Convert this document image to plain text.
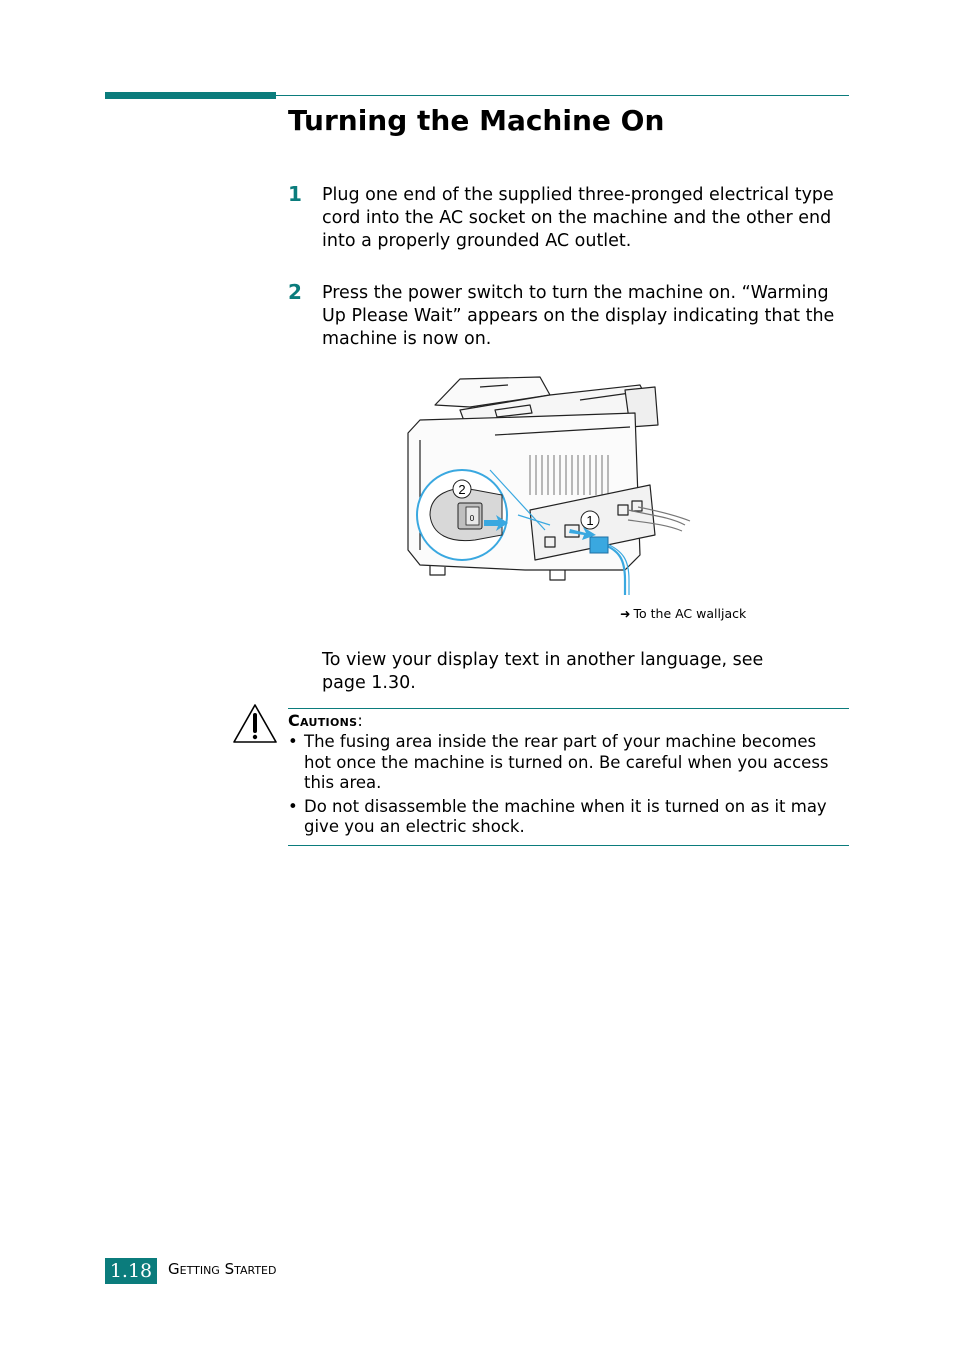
Turning the Machine On
1 Plug one end of the supplied three-pronged electrical type cord into the AC socket on the machine and the other end into a properly grounded AC outlet.
2 Press the power switch to turn the machine on. “Warming Up Please Wait” appears on the display indicating that the machine is now on.
1
0
2
➜ To the AC walljack
To view your display text in another language, see page 1.30.
Cautions:
• The fusing area inside the rear part of your machine becomes hot once the machine is turned on. Be careful when you access this area.
• Do not disassemble the machine when it is turned on as it may give you an electric shock.
1.18	Getting Started
